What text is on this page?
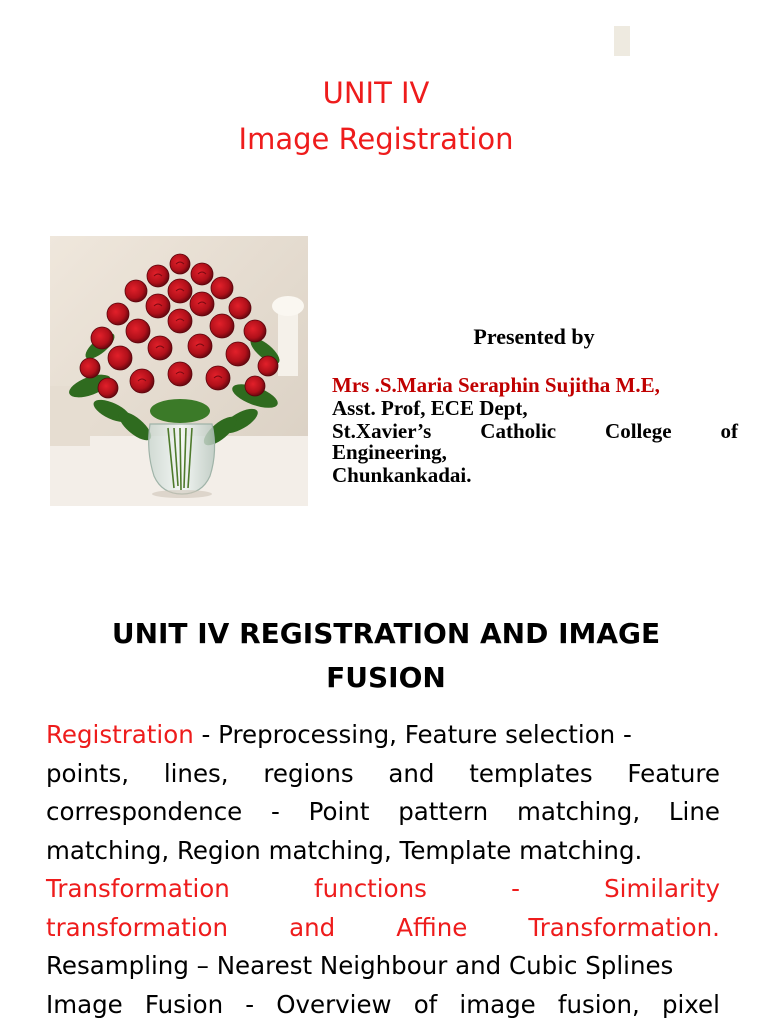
UNIT IV
Image Registration
Presented by
Mrs .S.Maria Seraphin Sujitha M.E,
Asst. Prof, ECE Dept,
St.Xavier’s Catholic College of
Engineering,
Chunkankadai.
UNIT IV REGISTRATION AND IMAGE
FUSION
Registration - Preprocessing, Feature selection -
points, lines, regions and templates Feature
correspondence - Point pattern matching, Line
matching, Region matching, Template matching.
Transformation	functions	-	Similarity
transformation and Affine Transformation.
Resampling – Nearest Neighbour and Cubic Splines
Image Fusion - Overview of image fusion, pixel
